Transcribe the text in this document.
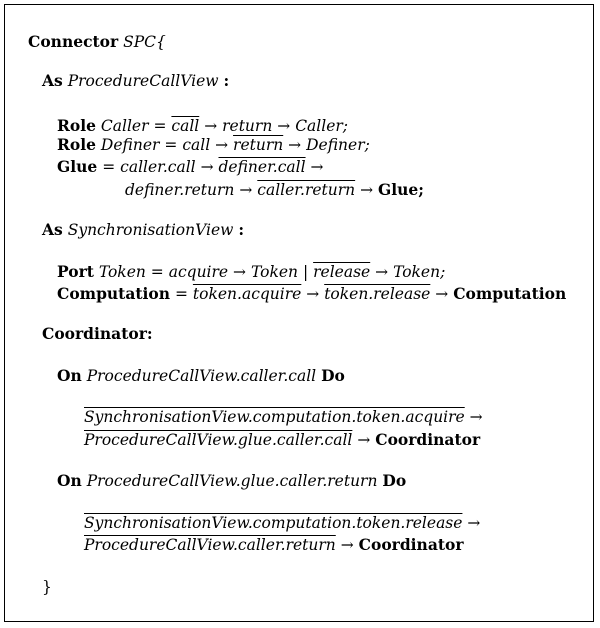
Connector SPC{
As ProcedureCallView :
Role Caller = call → return → Caller;
Role Definer = call → return → Definer;
Glue = caller.call → definer.call →
definer.return → caller.return → Glue;
As SynchronisationView :
Port Token = acquire → Token | release → Token;
Computation = token.acquire → token.release → Computation
Coordinator:
On ProcedureCallView.caller.call Do
SynchronisationView.computation.token.acquire →
ProcedureCallView.glue.caller.call → Coordinator
On ProcedureCallView.glue.caller.return Do
SynchronisationView.computation.token.release →
ProcedureCallView.caller.return → Coordinator
}
